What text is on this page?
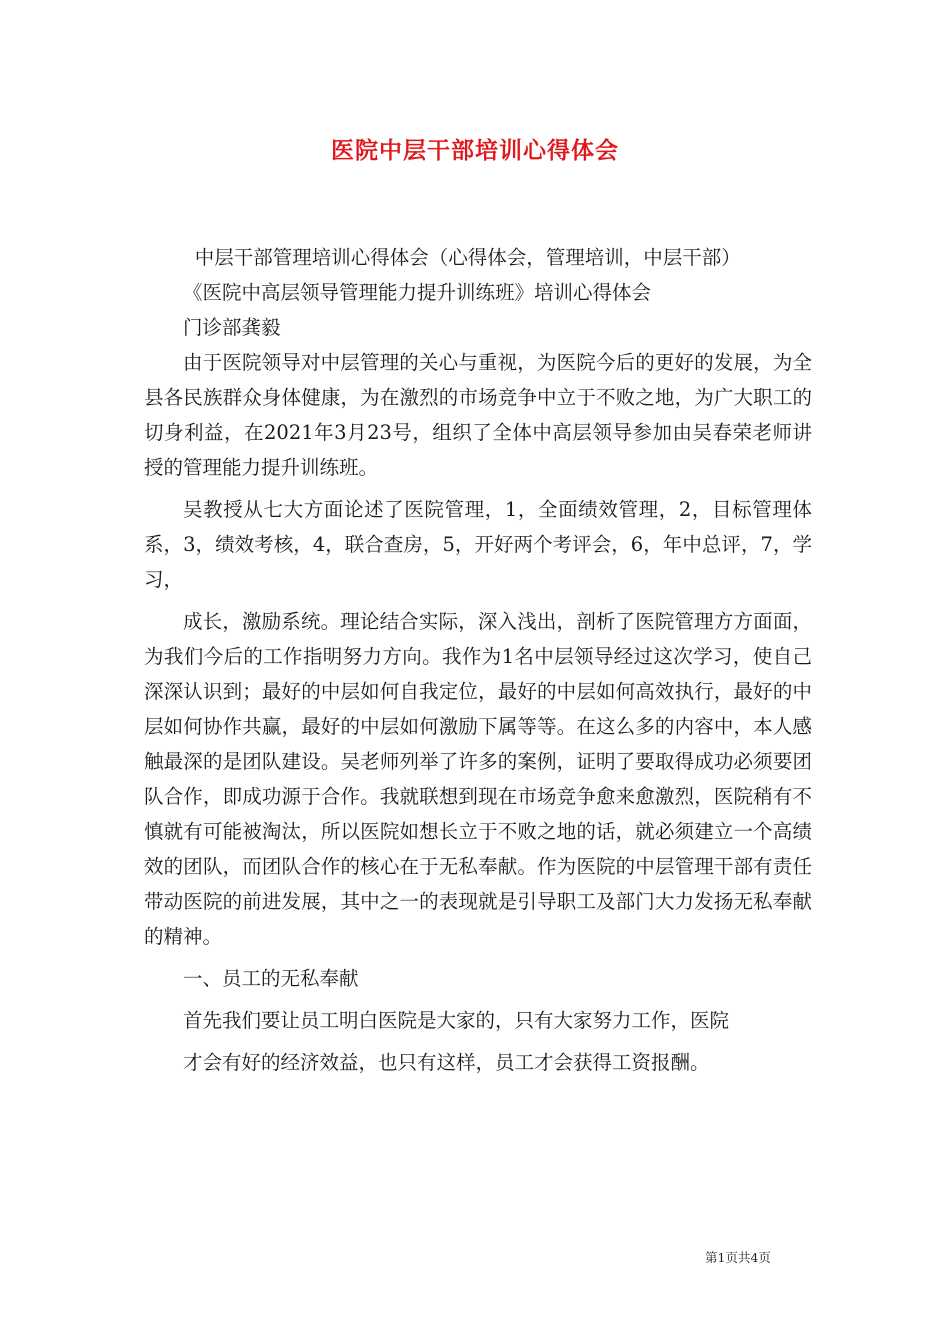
医院中层干部培训心得体会

中层干部管理培训心得体会（心得体会，管理培训，中层干部）

《医院中高层领导管理能力提升训练班》培训心得体会

门诊部龚毅

由于医院领导对中层管理的关心与重视，为医院今后的更好的发展，为全县各民族群众身体健康，为在激烈的市场竞争中立于不败之地，为广大职工的切身利益，在2021年3月23号，组织了全体中高层领导参加由吴春荣老师讲授的管理能力提升训练班。

吴教授从七大方面论述了医院管理，1，全面绩效管理，2，目标管理体系，3，绩效考核，4，联合查房，5，开好两个考评会，6，年中总评，7，学习，

成长，激励系统。理论结合实际，深入浅出，剖析了医院管理方方面面，为我们今后的工作指明努力方向。我作为1名中层领导经过这次学习，使自己深深认识到；最好的中层如何自我定位，最好的中层如何高效执行，最好的中层如何协作共赢，最好的中层如何激励下属等等。在这么多的内容中，本人感触最深的是团队建设。吴老师列举了许多的案例，证明了要取得成功必须要团队合作，即成功源于合作。我就联想到现在市场竞争愈来愈激烈，医院稍有不慎就有可能被淘汰，所以医院如想长立于不败之地的话，就必须建立一个高绩效的团队，而团队合作的核心在于无私奉献。作为医院的中层管理干部有责任带动医院的前进发展，其中之一的表现就是引导职工及部门大力发扬无私奉献的精神。

一、员工的无私奉献

首先我们要让员工明白医院是大家的，只有大家努力工作，医院

才会有好的经济效益，也只有这样，员工才会获得工资报酬。

第1页共4页
